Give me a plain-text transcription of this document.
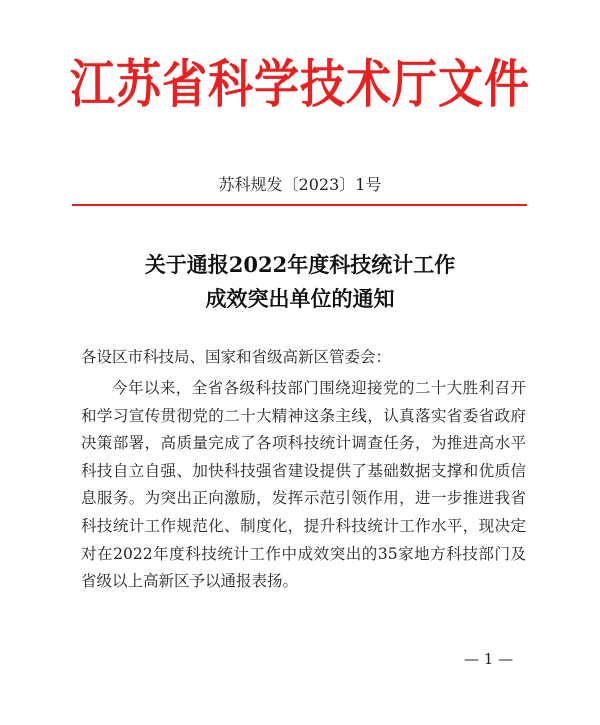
江苏省科学技术厅文件
苏科规发〔2023〕1号
关于通报2022年度科技统计工作
成效突出单位的通知
各设区市科技局、国家和省级高新区管委会：
今年以来，全省各级科技部门围绕迎接党的二十大胜利召开
和学习宣传贯彻党的二十大精神这条主线，认真落实省委省政府
决策部署，高质量完成了各项科技统计调查任务，为推进高水平
科技自立自强、加快科技强省建设提供了基础数据支撑和优质信
息服务。为突出正向激励，发挥示范引领作用，进一步推进我省
科技统计工作规范化、制度化，提升科技统计工作水平，现决定
对在2022年度科技统计工作中成效突出的35家地方科技部门及
省级以上高新区予以通报表扬。
— 1 —
